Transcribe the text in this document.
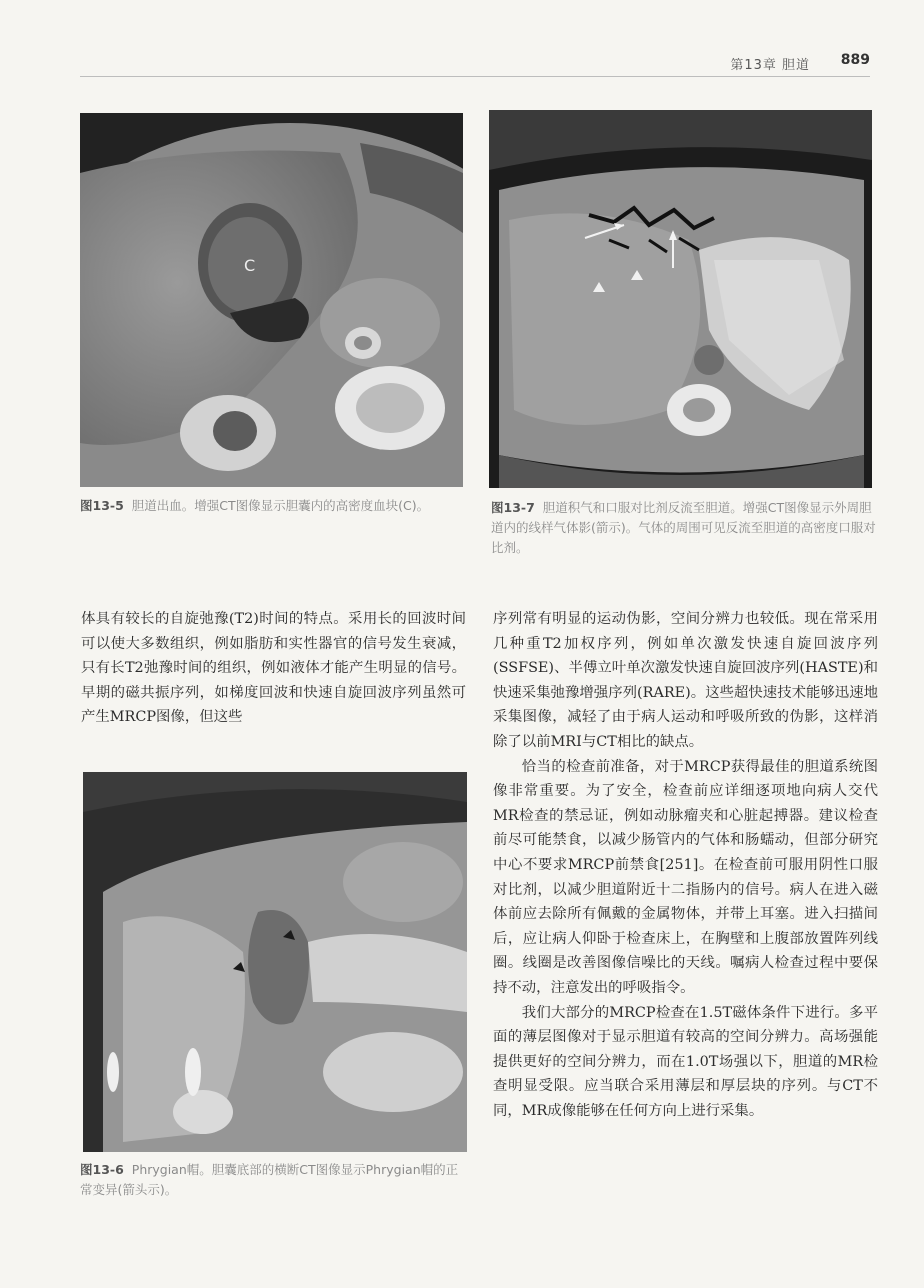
第13章 胆道 889
C
图13-5 胆道出血。增强CT图像显示胆囊内的高密度血块(C)。	图13-7 胆道积气和口服对比剂反流至胆道。增强CT图像显示外周胆道内的线样气体影(箭示)。气体的周围可见反流至胆道的高密度口服对比剂。
图13-6 Phrygian帽。胆囊底部的横断CT图像显示Phrygian帽的正常变异(箭头示)。

体具有较长的自旋弛豫(T2)时间的特点。采用长的回波时间可以使大多数组织，例如脂肪和实性器官的信号发生衰减，只有长T2弛豫时间的组织，例如液体才能产生明显的信号。早期的磁共振序列，如梯度回波和快速自旋回波序列虽然可产生MRCP图像，但这些

序列常有明显的运动伪影，空间分辨力也较低。现在常采用几种重T2加权序列，例如单次激发快速自旋回波序列(SSFSE)、半傅立叶单次激发快速自旋回波序列(HASTE)和快速采集弛豫增强序列(RARE)。这些超快速技术能够迅速地采集图像，减轻了由于病人运动和呼吸所致的伪影，这样消除了以前MRI与CT相比的缺点。

恰当的检查前准备，对于MRCP获得最佳的胆道系统图像非常重要。为了安全，检查前应详细逐项地向病人交代MR检查的禁忌证，例如动脉瘤夹和心脏起搏器。建议检查前尽可能禁食，以减少肠管内的气体和肠蠕动，但部分研究中心不要求MRCP前禁食[251]。在检查前可服用阴性口服对比剂，以减少胆道附近十二指肠内的信号。病人在进入磁体前应去除所有佩戴的金属物体，并带上耳塞。进入扫描间后，应让病人仰卧于检查床上，在胸壁和上腹部放置阵列线圈。线圈是改善图像信噪比的天线。嘱病人检查过程中要保持不动，注意发出的呼吸指令。

我们大部分的MRCP检查在1.5T磁体条件下进行。多平面的薄层图像对于显示胆道有较高的空间分辨力。高场强能提供更好的空间分辨力，而在1.0T场强以下，胆道的MR检查明显受限。应当联合采用薄层和厚层块的序列。与CT不同，MR成像能够在任何方向上进行采集。
